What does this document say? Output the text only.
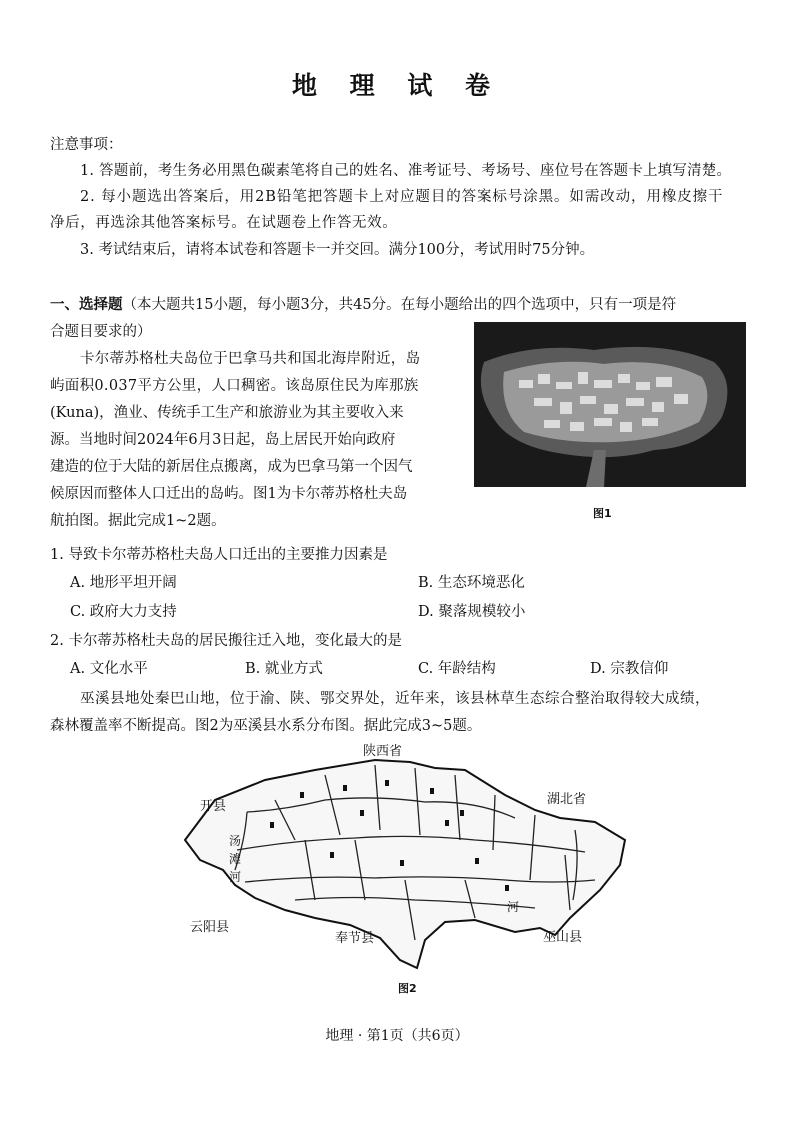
地 理 试 卷
注意事项：
1. 答题前，考生务必用黑色碳素笔将自己的姓名、准考证号、考场号、座位号在答题卡上填写清楚。
2. 每小题选出答案后，用2B铅笔把答题卡上对应题目的答案标号涂黑。如需改动，用橡皮擦干
净后，再选涂其他答案标号。在试题卷上作答无效。
3. 考试结束后，请将本试卷和答题卡一并交回。满分100分，考试用时75分钟。
一、选择题（本大题共15小题，每小题3分，共45分。在每小题给出的四个选项中，只有一项是符
合题目要求的）
卡尔蒂苏格杜夫岛位于巴拿马共和国北海岸附近，岛
屿面积0.037平方公里，人口稠密。该岛原住民为库那族
(Kuna)，渔业、传统手工生产和旅游业为其主要收入来
源。当地时间2024年6月3日起，岛上居民开始向政府
建造的位于大陆的新居住点搬离，成为巴拿马第一个因气
候原因而整体人口迁出的岛屿。图1为卡尔蒂苏格杜夫岛
航拍图。据此完成1~2题。	图1
1. 导致卡尔蒂苏格杜夫岛人口迁出的主要推力因素是
A. 地形平坦开阔	B. 生态环境恶化
C. 政府大力支持	D. 聚落规模较小
2. 卡尔蒂苏格杜夫岛的居民搬往迁入地，变化最大的是
A. 文化水平	B. 就业方式	C. 年龄结构	D. 宗教信仰
巫溪县地处秦巴山地，位于渝、陕、鄂交界处，近年来，该县林草生态综合整治取得较大成绩，
森林覆盖率不断提高。图2为巫溪县水系分布图。据此完成3~5题。
陕西省
湖北省
开县
云阳县
奉节县	巫山县
汤
滩
河
河
图2
地理 · 第1页（共6页）
